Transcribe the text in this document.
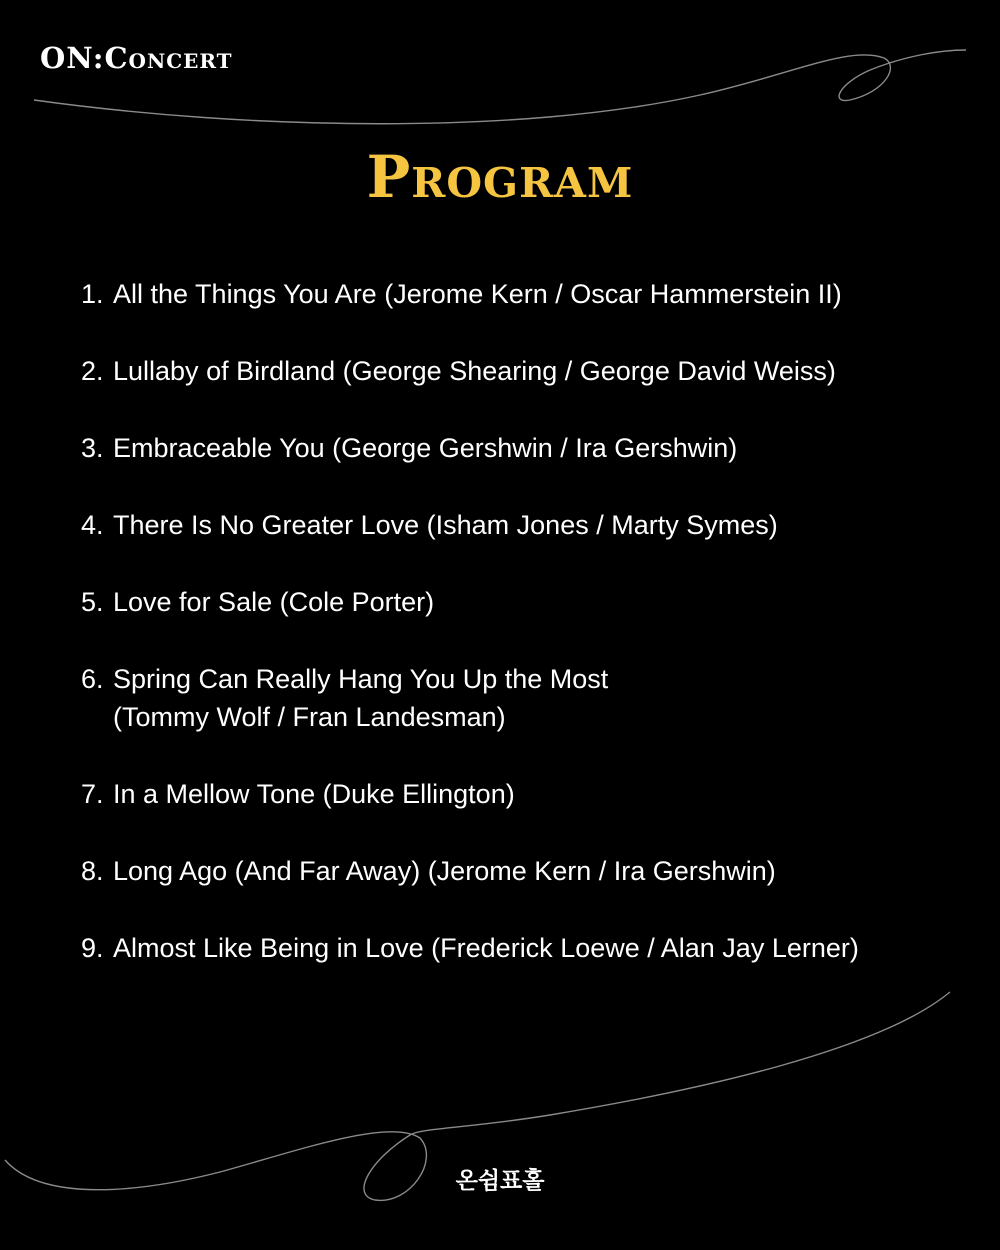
ON:Concert
Program
1. All the Things You Are (Jerome Kern / Oscar Hammerstein II)
2. Lullaby of Birdland (George Shearing / George David Weiss)
3. Embraceable You (George Gershwin / Ira Gershwin)
4. There Is No Greater Love (Isham Jones / Marty Symes)
5. Love for Sale (Cole Porter)
6. Spring Can Really Hang You Up the Most
(Tommy Wolf / Fran Landesman)
7. In a Mellow Tone (Duke Ellington)
8. Long Ago (And Far Away) (Jerome Kern / Ira Gershwin)
9. Almost Like Being in Love (Frederick Loewe / Alan Jay Lerner)
온쉼표홀
